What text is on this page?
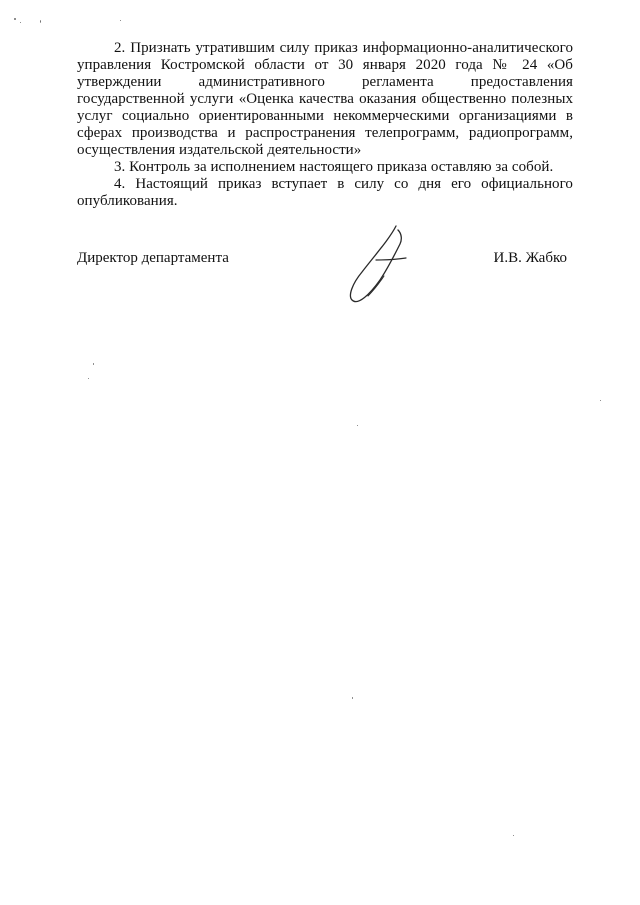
2. Признать утратившим силу приказ информационно-аналитического управления Костромской области от 30 января 2020 года № 24 «Об утверждении административного регламента предоставления государственной услуги «Оценка качества оказания общественно полезных услуг социально ориентированными некоммерческими организациями в сферах производства и распространения телепрограмм, радиопрограмм, осуществления издательской деятельности»

3. Контроль за исполнением настоящего приказа оставляю за собой.

4. Настоящий приказ вступает в силу со дня его официального опубликования.

Директор департамента	И.В. Жабко
